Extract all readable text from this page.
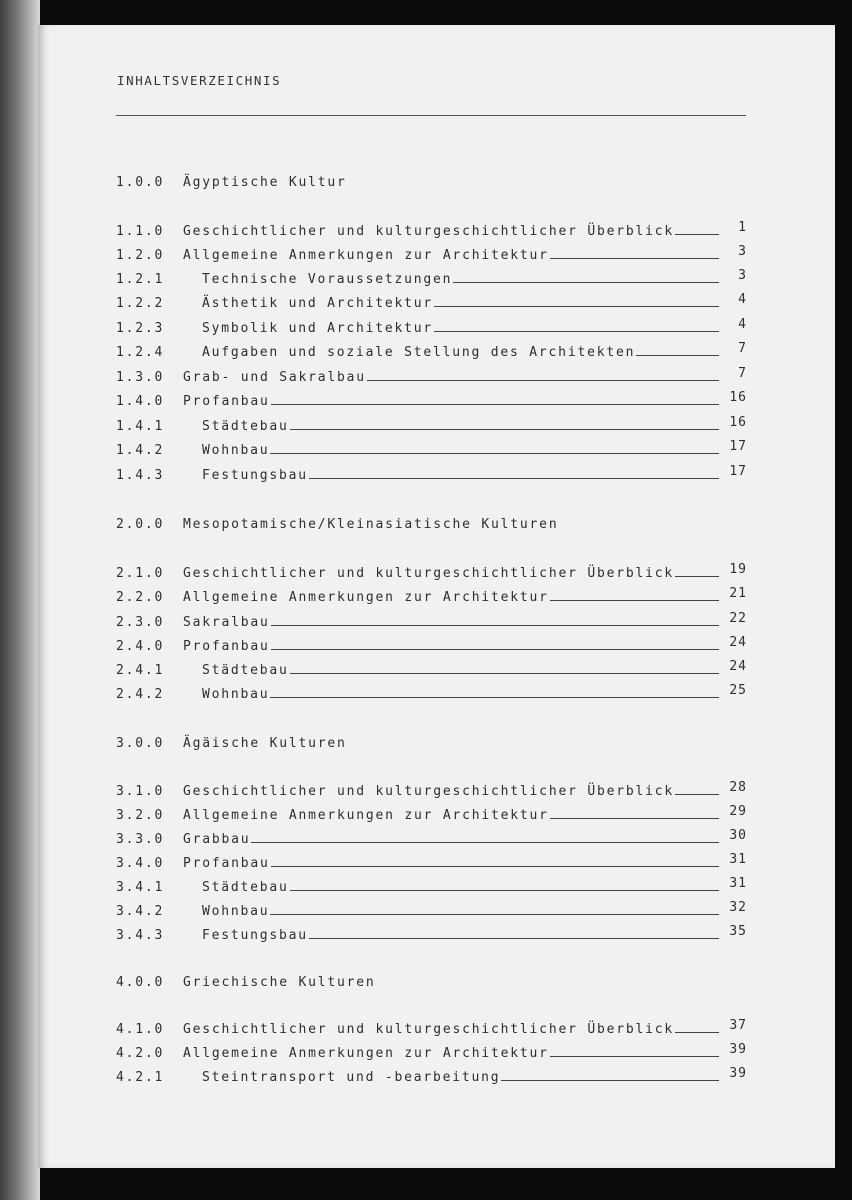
INHALTSVERZEICHNIS
1.0.0	Ägyptische Kultur
1.1.0	Geschichtlicher und kulturgeschichtlicher Überblick	1
1.2.0	Allgemeine Anmerkungen zur Architektur	3
1.2.1	Technische Voraussetzungen	3
1.2.2	Ästhetik und Architektur	4
1.2.3	Symbolik und Architektur	4
1.2.4	Aufgaben und soziale Stellung des Architekten	7
1.3.0	Grab- und Sakralbau	7
1.4.0	Profanbau	16
1.4.1	Städtebau	16
1.4.2	Wohnbau	17
1.4.3	Festungsbau	17
2.0.0	Mesopotamische/Kleinasiatische Kulturen
2.1.0	Geschichtlicher und kulturgeschichtlicher Überblick	19
2.2.0	Allgemeine Anmerkungen zur Architektur	21
2.3.0	Sakralbau	22
2.4.0	Profanbau	24
2.4.1	Städtebau	24
2.4.2	Wohnbau	25
3.0.0	Ägäische Kulturen
3.1.0	Geschichtlicher und kulturgeschichtlicher Überblick	28
3.2.0	Allgemeine Anmerkungen zur Architektur	29
3.3.0	Grabbau	30
3.4.0	Profanbau	31
3.4.1	Städtebau	31
3.4.2	Wohnbau	32
3.4.3	Festungsbau	35
4.0.0	Griechische Kulturen
4.1.0	Geschichtlicher und kulturgeschichtlicher Überblick	37
4.2.0	Allgemeine Anmerkungen zur Architektur	39
4.2.1	Steintransport und -bearbeitung	39
